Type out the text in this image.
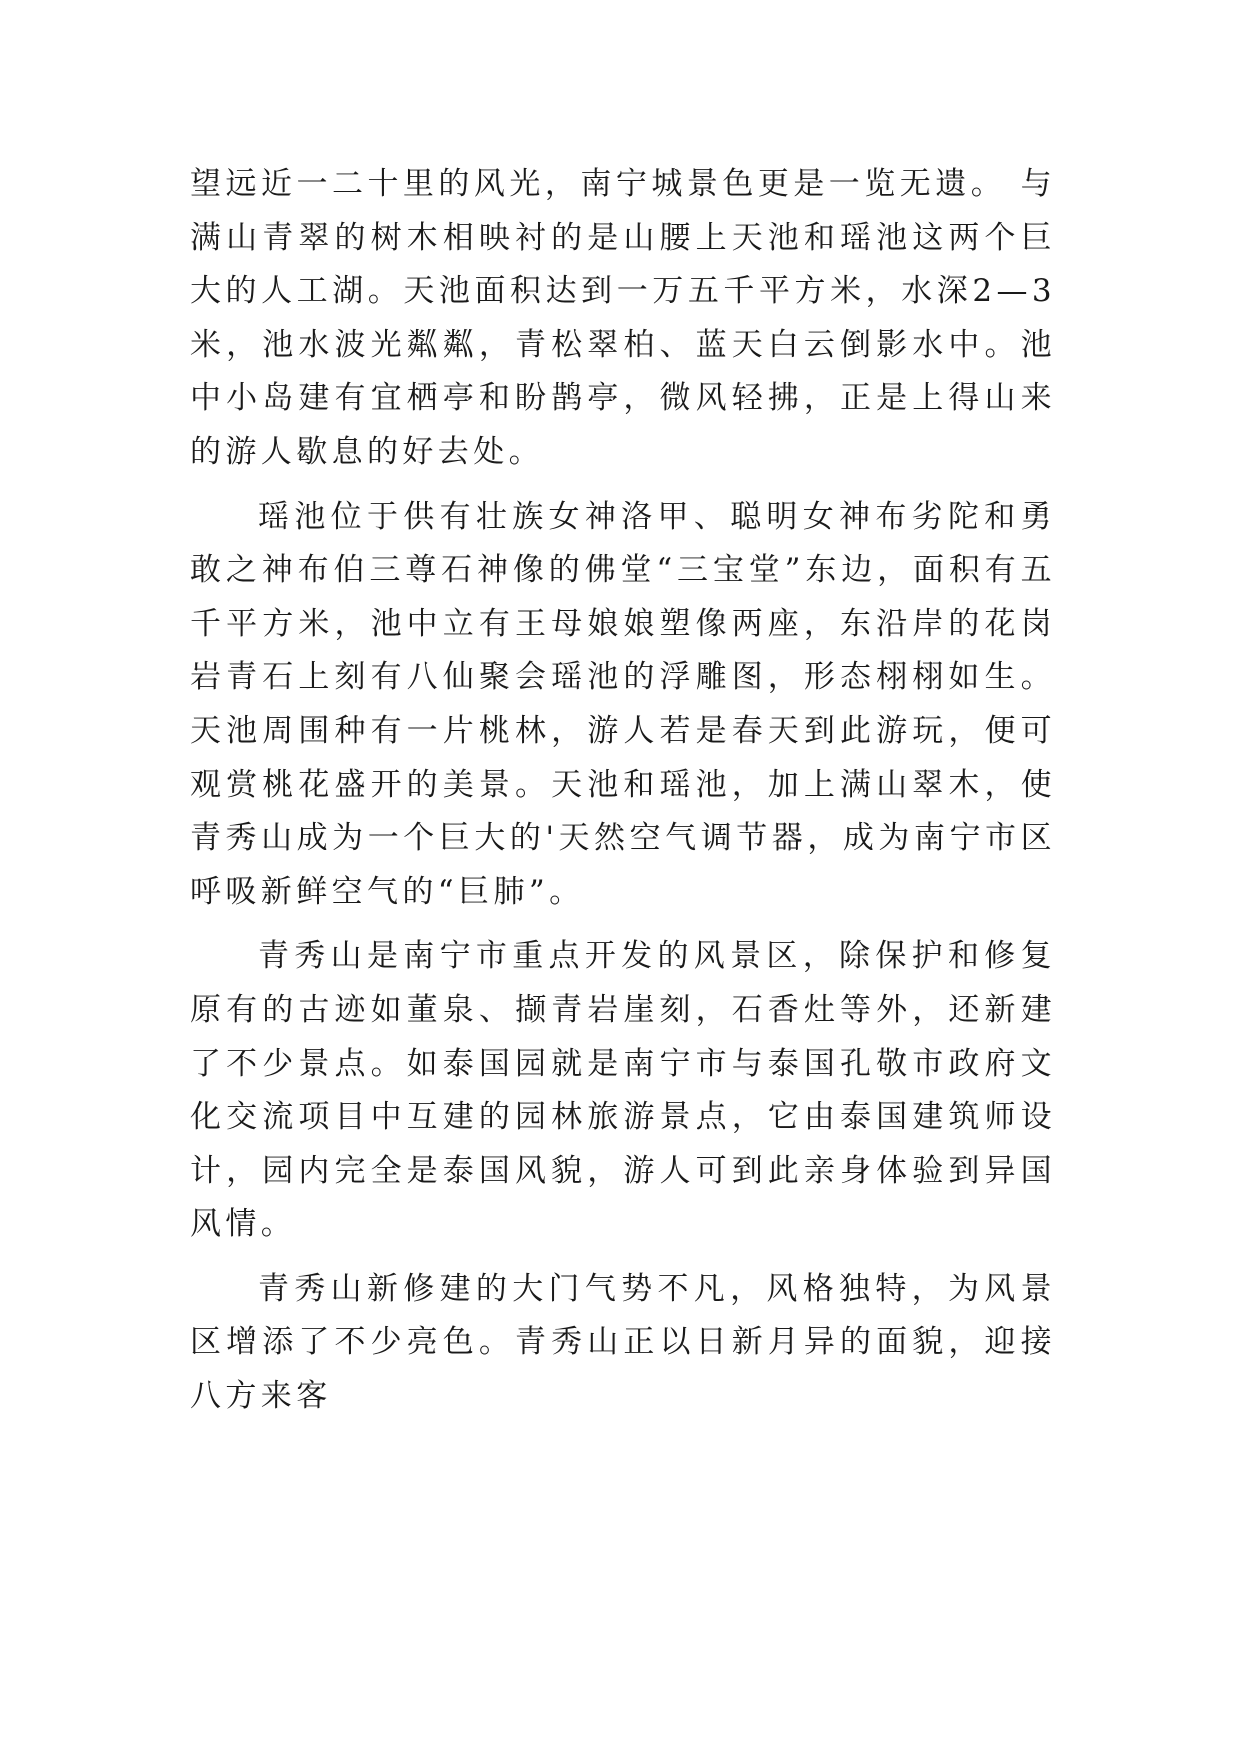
望远近一二十里的风光，南宁城景色更是一览无遗。 与满山青翠的树木相映衬的是山腰上天池和瑶池这两个巨大的人工湖。天池面积达到一万五千平方米，水深2—3米，池水波光粼粼，青松翠柏、蓝天白云倒影水中。池中小岛建有宜栖亭和盼鹊亭，微风轻拂，正是上得山来的游人歇息的好去处。

瑶池位于供有壮族女神洛甲、聪明女神布劣陀和勇敢之神布伯三尊石神像的佛堂“三宝堂”东边，面积有五千平方米，池中立有王母娘娘塑像两座，东沿岸的花岗岩青石上刻有八仙聚会瑶池的浮雕图，形态栩栩如生。天池周围种有一片桃林，游人若是春天到此游玩，便可观赏桃花盛开的美景。天池和瑶池，加上满山翠木，使青秀山成为一个巨大的'天然空气调节器，成为南宁市区呼吸新鲜空气的“巨肺”。

青秀山是南宁市重点开发的风景区，除保护和修复原有的古迹如董泉、撷青岩崖刻，石香灶等外，还新建了不少景点。如泰国园就是南宁市与泰国孔敬市政府文化交流项目中互建的园林旅游景点，它由泰国建筑师设计，园内完全是泰国风貌，游人可到此亲身体验到异国风情。

青秀山新修建的大门气势不凡，风格独特，为风景区增添了不少亮色。青秀山正以日新月异的面貌，迎接八方来客
